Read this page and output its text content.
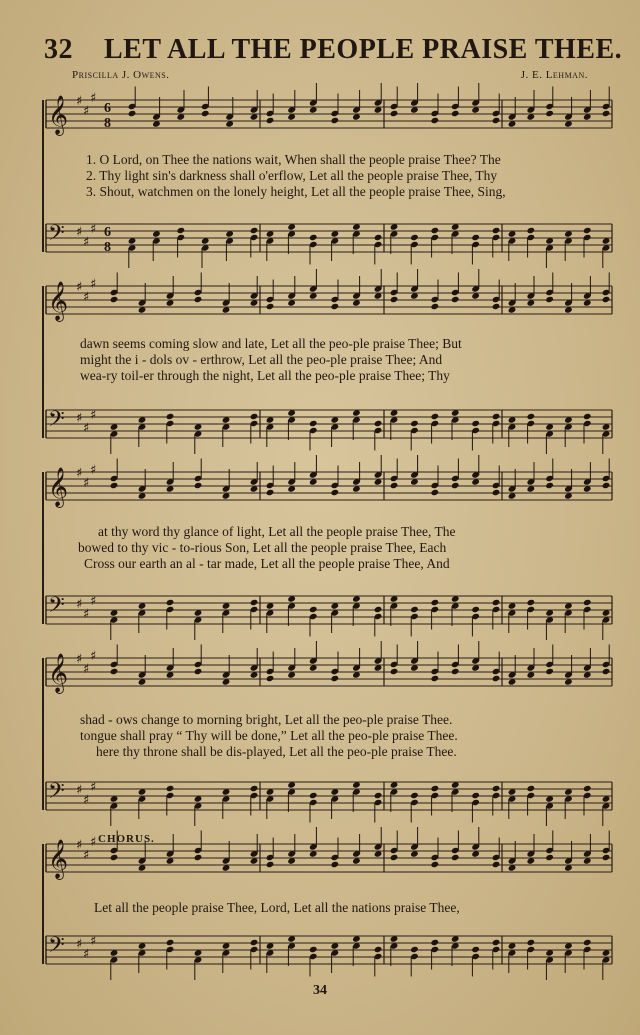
32 LET ALL THE PEOPLE PRAISE THEE.
Priscilla J. Owens.	J. E. Lehman.
𝄞 ♯
♯
♯
6
8
𝄢 ♯
♯
♯ 6
8
𝄞 ♯
♯
♯
𝄢 ♯
♯
♯
𝄞 ♯
♯
♯
𝄢 ♯
♯
♯
𝄞 ♯
♯
♯
𝄢 ♯
♯
♯
𝄞 ♯
♯
♯
𝄢 ♯
♯
♯
1. O Lord, on Thee the nations wait, When shall the people praise Thee? The
2. Thy light sin's darkness shall o'erflow, Let all the people praise Thee, Thy
3. Shout, watchmen on the lonely height, Let all the people praise Thee, Sing,
dawn seems coming slow and late, Let all the peo-ple praise Thee; But
might the i - dols ov - erthrow, Let all the peo-ple praise Thee; And
wea-ry toil-er through the night, Let all the peo-ple praise Thee; Thy
at thy word thy glance of light, Let all the people praise Thee, The
bowed to thy vic - to-rious Son, Let all the people praise Thee, Each
Cross our earth an al - tar made, Let all the people praise Thee, And
shad - ows change to morning bright, Let all the peo-ple praise Thee.
tongue shall pray “ Thy will be done,” Let all the peo-ple praise Thee.
here thy throne shall be dis-played, Let all the peo-ple praise Thee.
CHORUS.
Let all the people praise Thee, Lord, Let all the nations praise Thee,
34
